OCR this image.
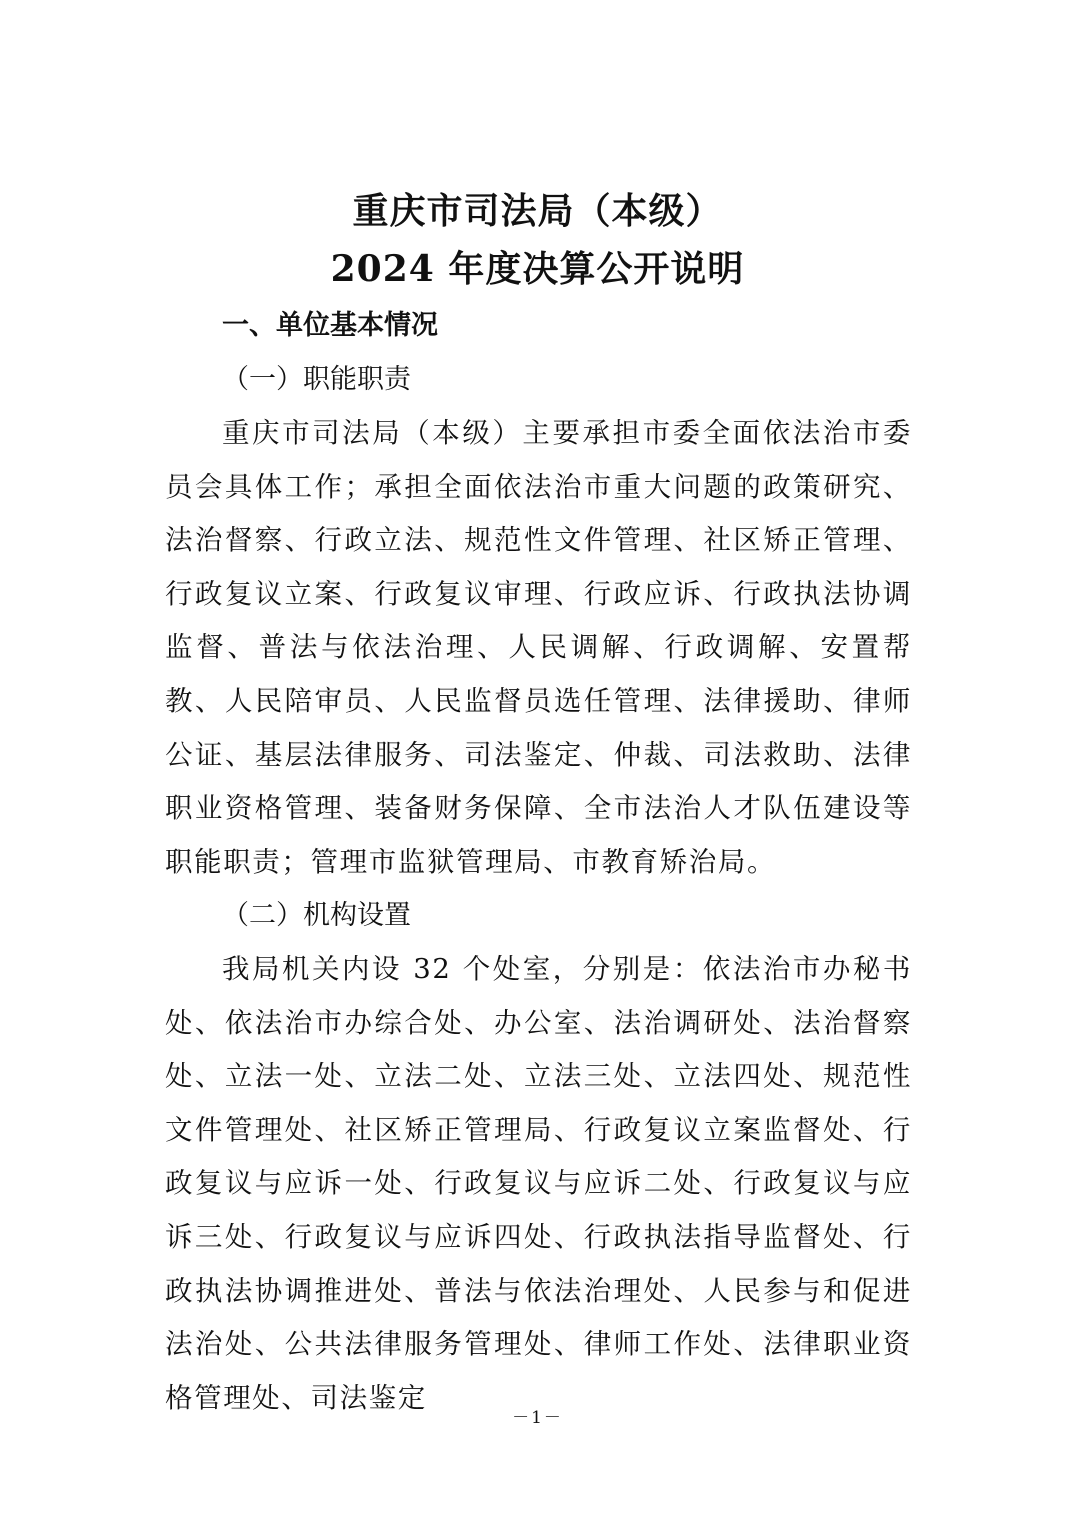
重庆市司法局（本级）
2024 年度决算公开说明
一、单位基本情况
（一）职能职责

重庆市司法局（本级）主要承担市委全面依法治市委员会具体工作；承担全面依法治市重大问题的政策研究、法治督察、行政立法、规范性文件管理、社区矫正管理、行政复议立案、行政复议审理、行政应诉、行政执法协调监督、普法与依法治理、人民调解、行政调解、安置帮教、人民陪审员、人民监督员选任管理、法律援助、律师公证、基层法律服务、司法鉴定、仲裁、司法救助、法律职业资格管理、装备财务保障、全市法治人才队伍建设等职能职责；管理市监狱管理局、市教育矫治局。

（二）机构设置

我局机关内设 32 个处室，分别是：依法治市办秘书处、依法治市办综合处、办公室、法治调研处、法治督察处、立法一处、立法二处、立法三处、立法四处、规范性文件管理处、社区矫正管理局、行政复议立案监督处、行政复议与应诉一处、行政复议与应诉二处、行政复议与应诉三处、行政复议与应诉四处、行政执法指导监督处、行政执法协调推进处、普法与依法治理处、人民参与和促进法治处、公共法律服务管理处、律师工作处、法律职业资格管理处、司法鉴定

－1－
